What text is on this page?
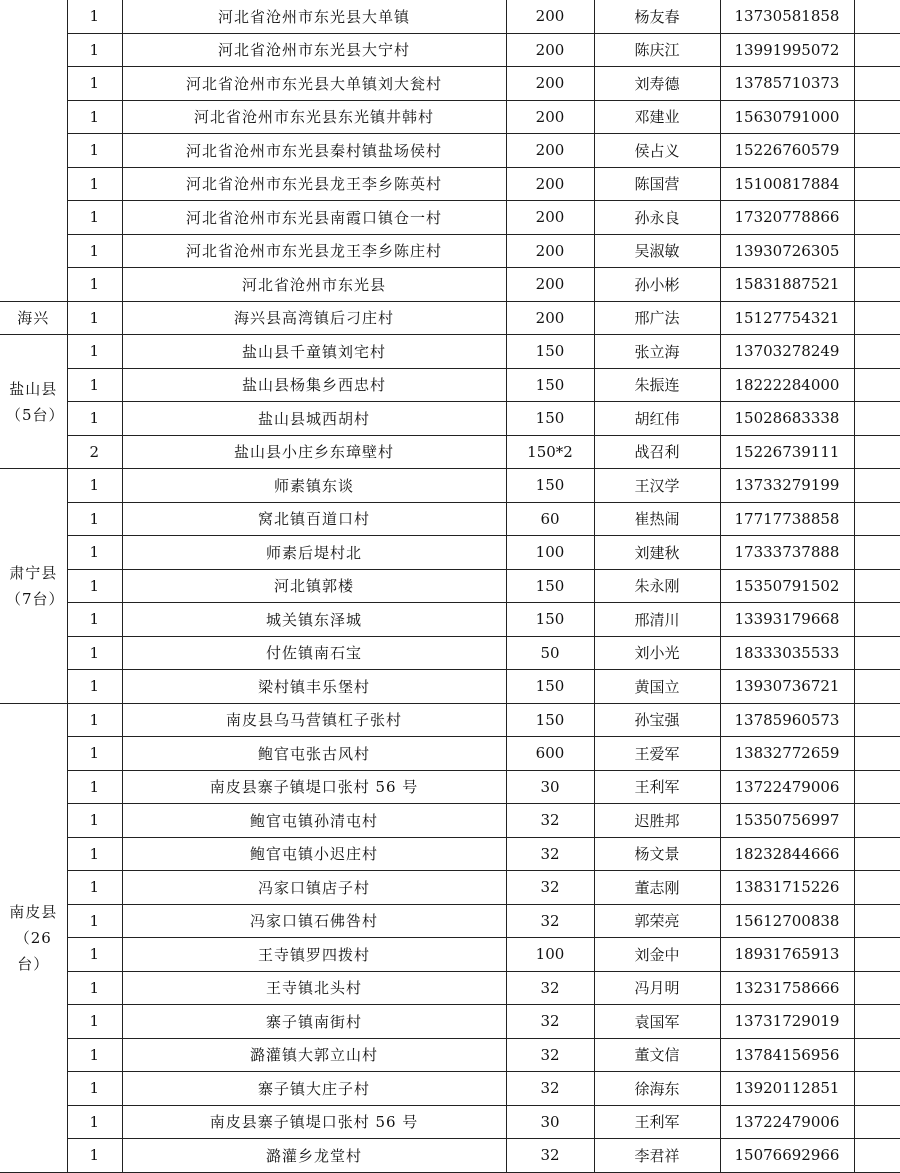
	1	河北省沧州市东光县大单镇	200	杨友春	13730581858	
	1	河北省沧州市东光县大宁村	200	陈庆江	13991995072	
	1	河北省沧州市东光县大单镇刘大瓮村	200	刘寿德	13785710373	
	1	河北省沧州市东光县东光镇井韩村	200	邓建业	15630791000	
	1	河北省沧州市东光县秦村镇盐场侯村	200	侯占义	15226760579	
	1	河北省沧州市东光县龙王李乡陈英村	200	陈国营	15100817884	
	1	河北省沧州市东光县南霞口镇仓一村	200	孙永良	17320778866	
	1	河北省沧州市东光县龙王李乡陈庄村	200	吴淑敏	13930726305	
	1	河北省沧州市东光县	200	孙小彬	15831887521	
海兴	1	海兴县高湾镇后刁庄村	200	邢广法	15127754321	
盐山县（5台）	1	盐山县千童镇刘宅村	150	张立海	13703278249	
	1	盐山县杨集乡西忠村	150	朱振连	18222284000	
	1	盐山县城西胡村	150	胡红伟	15028683338	
	2	盐山县小庄乡东璋壁村	150*2	战召利	15226739111	
肃宁县（7台）	1	师素镇东谈	150	王汉学	13733279199	
	1	窝北镇百道口村	60	崔热闹	17717738858	
	1	师素后堤村北	100	刘建秋	17333737888	
	1	河北镇郭楼	150	朱永刚	15350791502	
	1	城关镇东泽城	150	邢清川	13393179668	
	1	付佐镇南石宝	50	刘小光	18333035533	
	1	梁村镇丰乐堡村	150	黄国立	13930736721	
南皮县（26台）	1	南皮县乌马营镇杠子张村	150	孙宝强	13785960573	
	1	鲍官屯张古风村	600	王爱军	13832772659	
	1	南皮县寨子镇堤口张村 56 号	30	王利军	13722479006	
	1	鲍官屯镇孙清屯村	32	迟胜邦	15350756997	
	1	鲍官屯镇小迟庄村	32	杨文景	18232844666	
	1	冯家口镇店子村	32	董志刚	13831715226	
	1	冯家口镇石佛咎村	32	郭荣亮	15612700838	
	1	王寺镇罗四拨村	100	刘金中	18931765913	
	1	王寺镇北头村	32	冯月明	13231758666	
	1	寨子镇南街村	32	袁国军	13731729019	
	1	潞灌镇大郭立山村	32	董文信	13784156956	
	1	寨子镇大庄子村	32	徐海东	13920112851	
	1	南皮县寨子镇堤口张村 56 号	30	王利军	13722479006	
	1	潞灌乡龙堂村	32	李君祥	15076692966	
